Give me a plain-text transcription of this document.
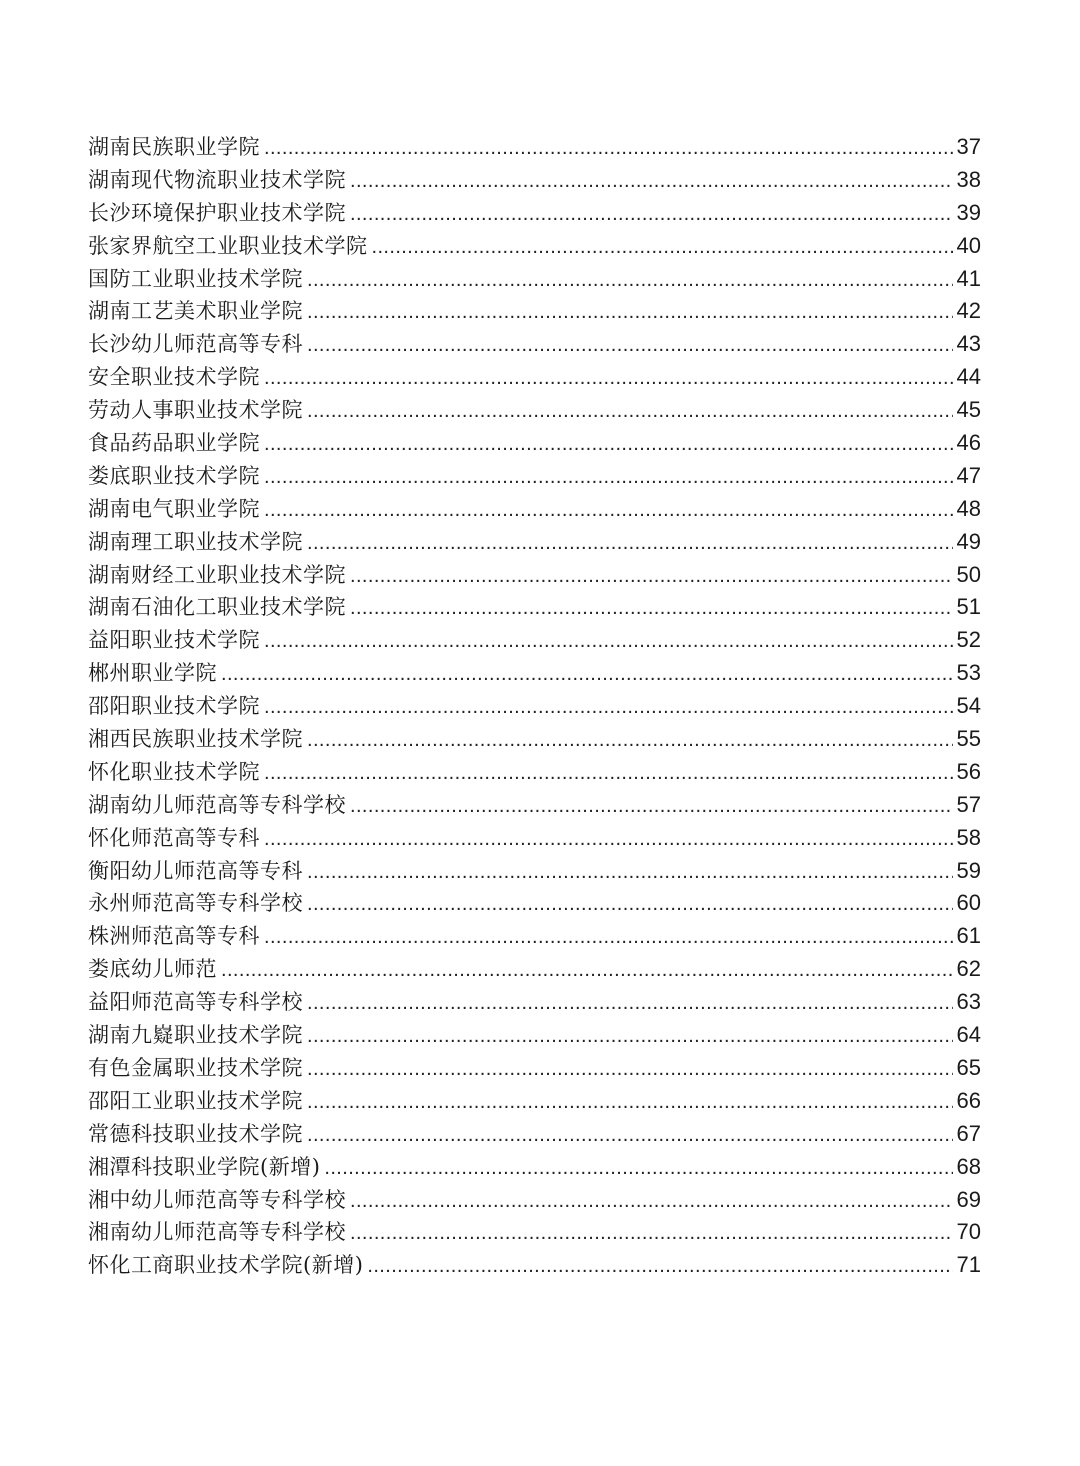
湖南民族职业学院 .....	37
湖南现代物流职业技术学院 .....	38
长沙环境保护职业技术学院 .....	39
张家界航空工业职业技术学院 .....	40
国防工业职业技术学院 .....	41
湖南工艺美术职业学院 .....	42
长沙幼儿师范高等专科 .....	43
安全职业技术学院 .....	44
劳动人事职业技术学院 .....	45
食品药品职业学院 .....	46
娄底职业技术学院 .....	47
湖南电气职业学院 .....	48
湖南理工职业技术学院 .....	49
湖南财经工业职业技术学院 .....	50
湖南石油化工职业技术学院 .....	51
益阳职业技术学院 .....	52
郴州职业学院 .....	53
邵阳职业技术学院 .....	54
湘西民族职业技术学院 .....	55
怀化职业技术学院 .....	56
湖南幼儿师范高等专科学校 .....	57
怀化师范高等专科 .....	58
衡阳幼儿师范高等专科 .....	59
永州师范高等专科学校 .....	60
株洲师范高等专科 .....	61
娄底幼儿师范 .....	62
益阳师范高等专科学校 .....	63
湖南九嶷职业技术学院 .....	64
有色金属职业技术学院 .....	65
邵阳工业职业技术学院 .....	66
常德科技职业技术学院 .....	67
湘潭科技职业学院(新增) .....	68
湘中幼儿师范高等专科学校 .....	69
湘南幼儿师范高等专科学校 .....	70
怀化工商职业技术学院(新增) .....	71
